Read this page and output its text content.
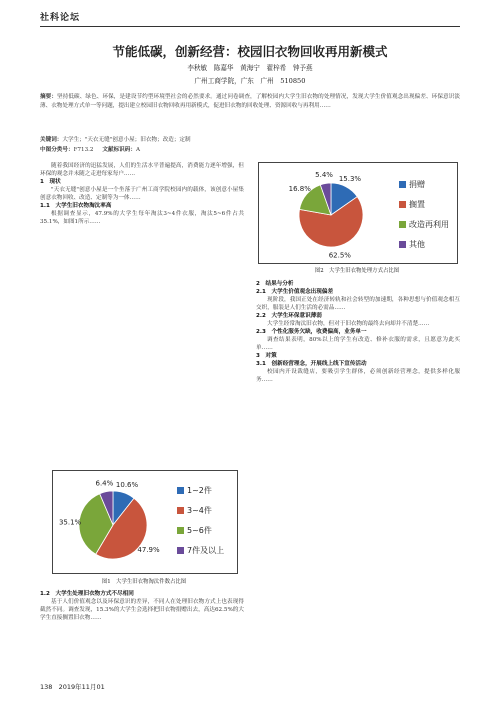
社科论坛
节能低碳，创新经营：校园旧衣物回收再用新模式
李秋敏　陈嘉华　黄海宁　翟梓希　钟予燕
广州工商学院，广东　广州　510850
摘要：坚持低碳、绿色、环保，是建设节约型环境型社会的必然要求。通过问卷调查，了解校园内大学生旧衣物的处理情况，发现大学生价值观念出现偏差、环保意识淡薄、衣物处理方式单一等问题，提出建立校园旧衣物回收再用新模式，促进旧衣物的回收处理、资源回收与再利用……
关键词：大学生；"天衣无缝"创意小屋；旧衣物；改造；定制
中图分类号：F713.2 文献标识码：A

随着我国经济的迅猛发展，人们的生活水平普遍提高，消费能力逐年增强，但环保的观念并未随之走进每家每户……

1　现状

"天衣无缝"创意小屋是一个坐落于广州工商学院校园内的载体，该创意小屋集创意衣物回收、改造、定制等为一体……

1.1　大学生旧衣物淘汰率高

根据调查显示，47.9%的大学生每年淘汰3~4件衣服，淘汰5~6件占共35.1%，如图1所示……

10.6%
47.9%
35.1%
6.4%
1~2件
3~4件
5~6件
7件及以上
图1　大学生旧衣物淘汰件数占比图

1.2　大学生处理旧衣物方式不尽相同

基于人们价值观念以及环保意识的差异，不同人在处理旧衣物方式上也表现得截然不同。调查发现，15.3%的大学生会选择把旧衣物捐赠出去，高达62.5%的大学生直接搁置旧衣物……

15.3%
62.5%
16.8%
5.4%
捐赠
搁置
改造再利用
其他
图2　大学生旧衣物处理方式占比图

2　结果与分析

2.1　大学生价值观念出现偏差

现阶段，我国正处在经济转轨和社会转型的加速期，各种思想与价值观念相互交织，服装是人们生活的必需品……

2.2　大学生环保意识薄弱

大学生经常淘汰旧衣物，但对于旧衣物的最终去向却并不清楚……

2.3　个性化服务欠缺，收费偏高，业务单一

调查结果表明，80%以上的学生有改造、修补衣服的需求，且愿意为此买单……

3　对策

3.1　创新经营理念，开展线上线下宣传活动

校园内开设裁缝店，要吸引学生群体，必须创新经营理念，提供多样化服务……

138 2019年11月01
